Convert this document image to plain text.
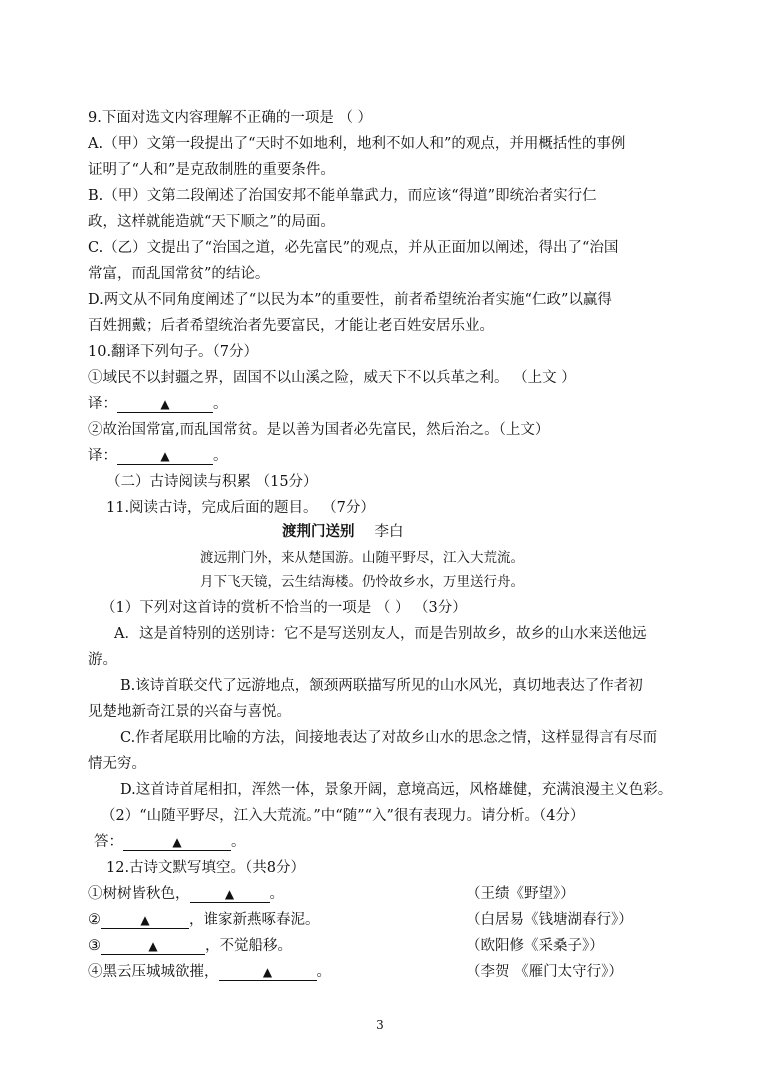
9.下面对选文内容理解不正确的一项是 （ ）
A.（甲）文第一段提出了“天时不如地利，地利不如人和”的观点，并用概括性的事例
证明了“人和”是克敌制胜的重要条件。
B.（甲）文第二段阐述了治国安邦不能单靠武力，而应该“得道”即统治者实行仁
政，这样就能造就“天下顺之”的局面。
C.（乙）文提出了“治国之道，必先富民”的观点，并从正面加以阐述，得出了“治国
常富，而乱国常贫”的结论。
D.两文从不同角度阐述了“以民为本”的重要性，前者希望统治者实施“仁政”以赢得
百姓拥戴；后者希望统治者先要富民，才能让老百姓安居乐业。
10.翻译下列句子。（7分）
①域民不以封疆之界，固国不以山溪之险，威天下不以兵革之利。 （上文 ）
译：	▲	。
②故治国常富,而乱国常贫。是以善为国者必先富民，然后治之。（上文）
译：	▲	。
（二）古诗阅读与积累 （15分）
11.阅读古诗，完成后面的题目。 （7分）
渡荆门送别 李白
渡远荆门外，来从楚国游。山随平野尽，江入大荒流。
月下飞天镜，云生结海楼。仍怜故乡水，万里送行舟。
（1）下列对这首诗的赏析不恰当的一项是 （ ） （3分）
A．这是首特别的送别诗：它不是写送别友人，而是告别故乡，故乡的山水来送他远
游。
B.该诗首联交代了远游地点，颔颈两联描写所见的山水风光，真切地表达了作者初
见楚地新奇江景的兴奋与喜悦。
C.作者尾联用比喻的方法，间接地表达了对故乡山水的思念之情，这样显得言有尽而
情无穷。
D.这首诗首尾相扣，浑然一体，景象开阔，意境高远，风格雄健，充满浪漫主义色彩。
（2）“山随平野尽，江入大荒流。”中“随”“入”很有表现力。请分析。（4分）
答：	▲	。
12.古诗文默写填空。（共8分）
①树树皆秋色，	▲ 。	（王绩《野望》）
②	▲	，谁家新燕啄春泥。	（白居易《钱塘湖春行》）
③	▲	，不觉船移。	（欧阳修《采桑子》）
④黑云压城城欲摧，	▲	。	（李贺 《雁门太守行》）
3
